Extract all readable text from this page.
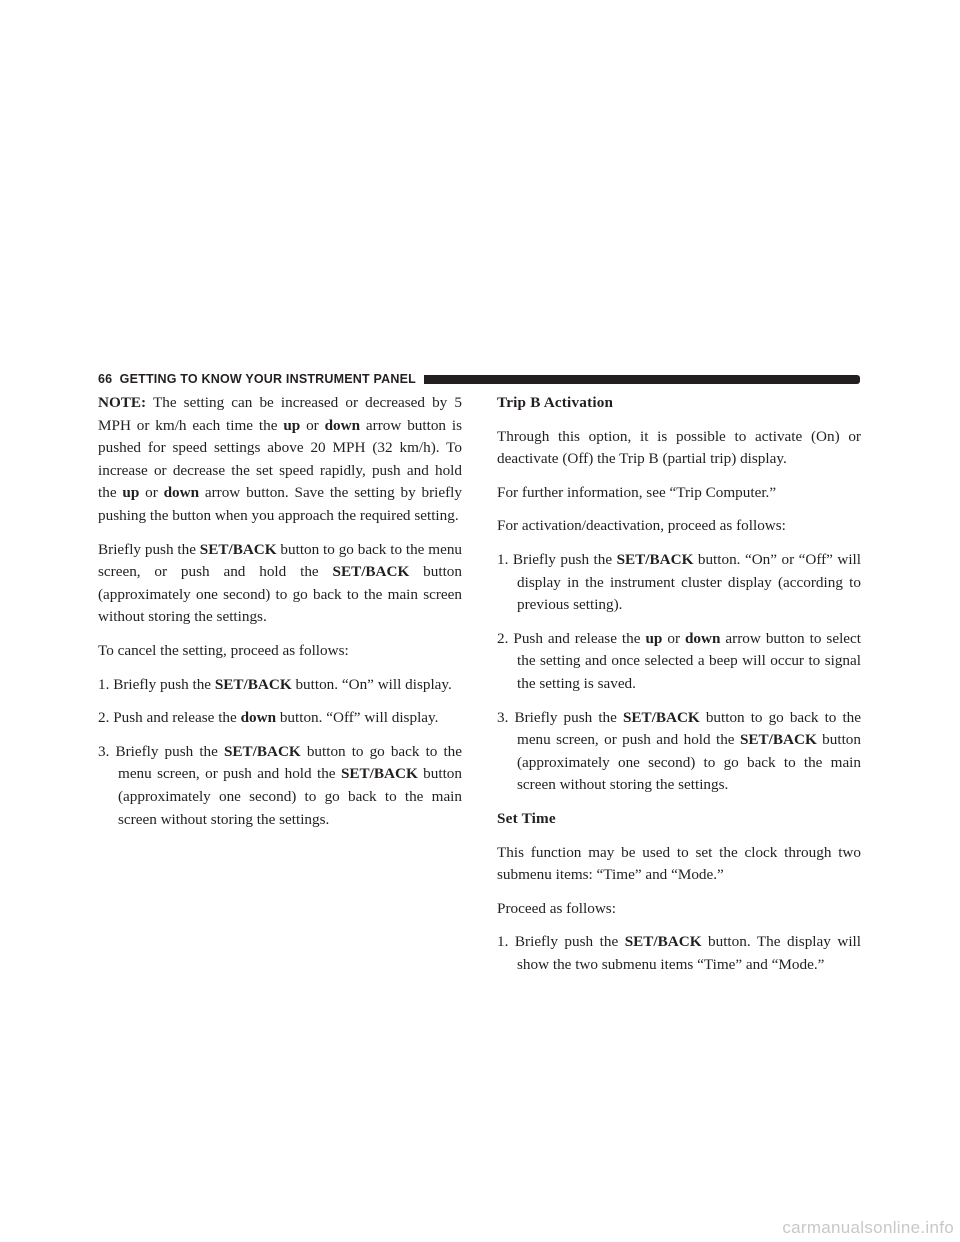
66 GETTING TO KNOW YOUR INSTRUMENT PANEL

NOTE: The setting can be increased or decreased by 5 MPH or km/h each time the up or down arrow button is pushed for speed settings above 20 MPH (32 km/h). To increase or decrease the set speed rapidly, push and hold the up or down arrow button. Save the setting by briefly pushing the button when you approach the required setting.

Briefly push the SET/BACK button to go back to the menu screen, or push and hold the SET/BACK button (approximately one second) to go back to the main screen without storing the settings.

To cancel the setting, proceed as follows:

1. Briefly push the SET/BACK button. “On” will display.
2. Push and release the down button. “Off” will display.
3. Briefly push the SET/BACK button to go back to the menu screen, or push and hold the SET/BACK button (approximately one second) to go back to the main screen without storing the settings.
Trip B Activation

Through this option, it is possible to activate (On) or deactivate (Off) the Trip B (partial trip) display.

For further information, see “Trip Computer.”

For activation/deactivation, proceed as follows:

1. Briefly push the SET/BACK button. “On” or “Off” will display in the instrument cluster display (according to previous setting).
2. Push and release the up or down arrow button to select the setting and once selected a beep will occur to signal the setting is saved.
3. Briefly push the SET/BACK button to go back to the menu screen, or push and hold the SET/BACK button (approximately one second) to go back to the main screen without storing the settings.
Set Time

This function may be used to set the clock through two submenu items: “Time” and “Mode.”

Proceed as follows:

1. Briefly push the SET/BACK button. The display will show the two submenu items “Time” and “Mode.”
carmanualsonline.info
